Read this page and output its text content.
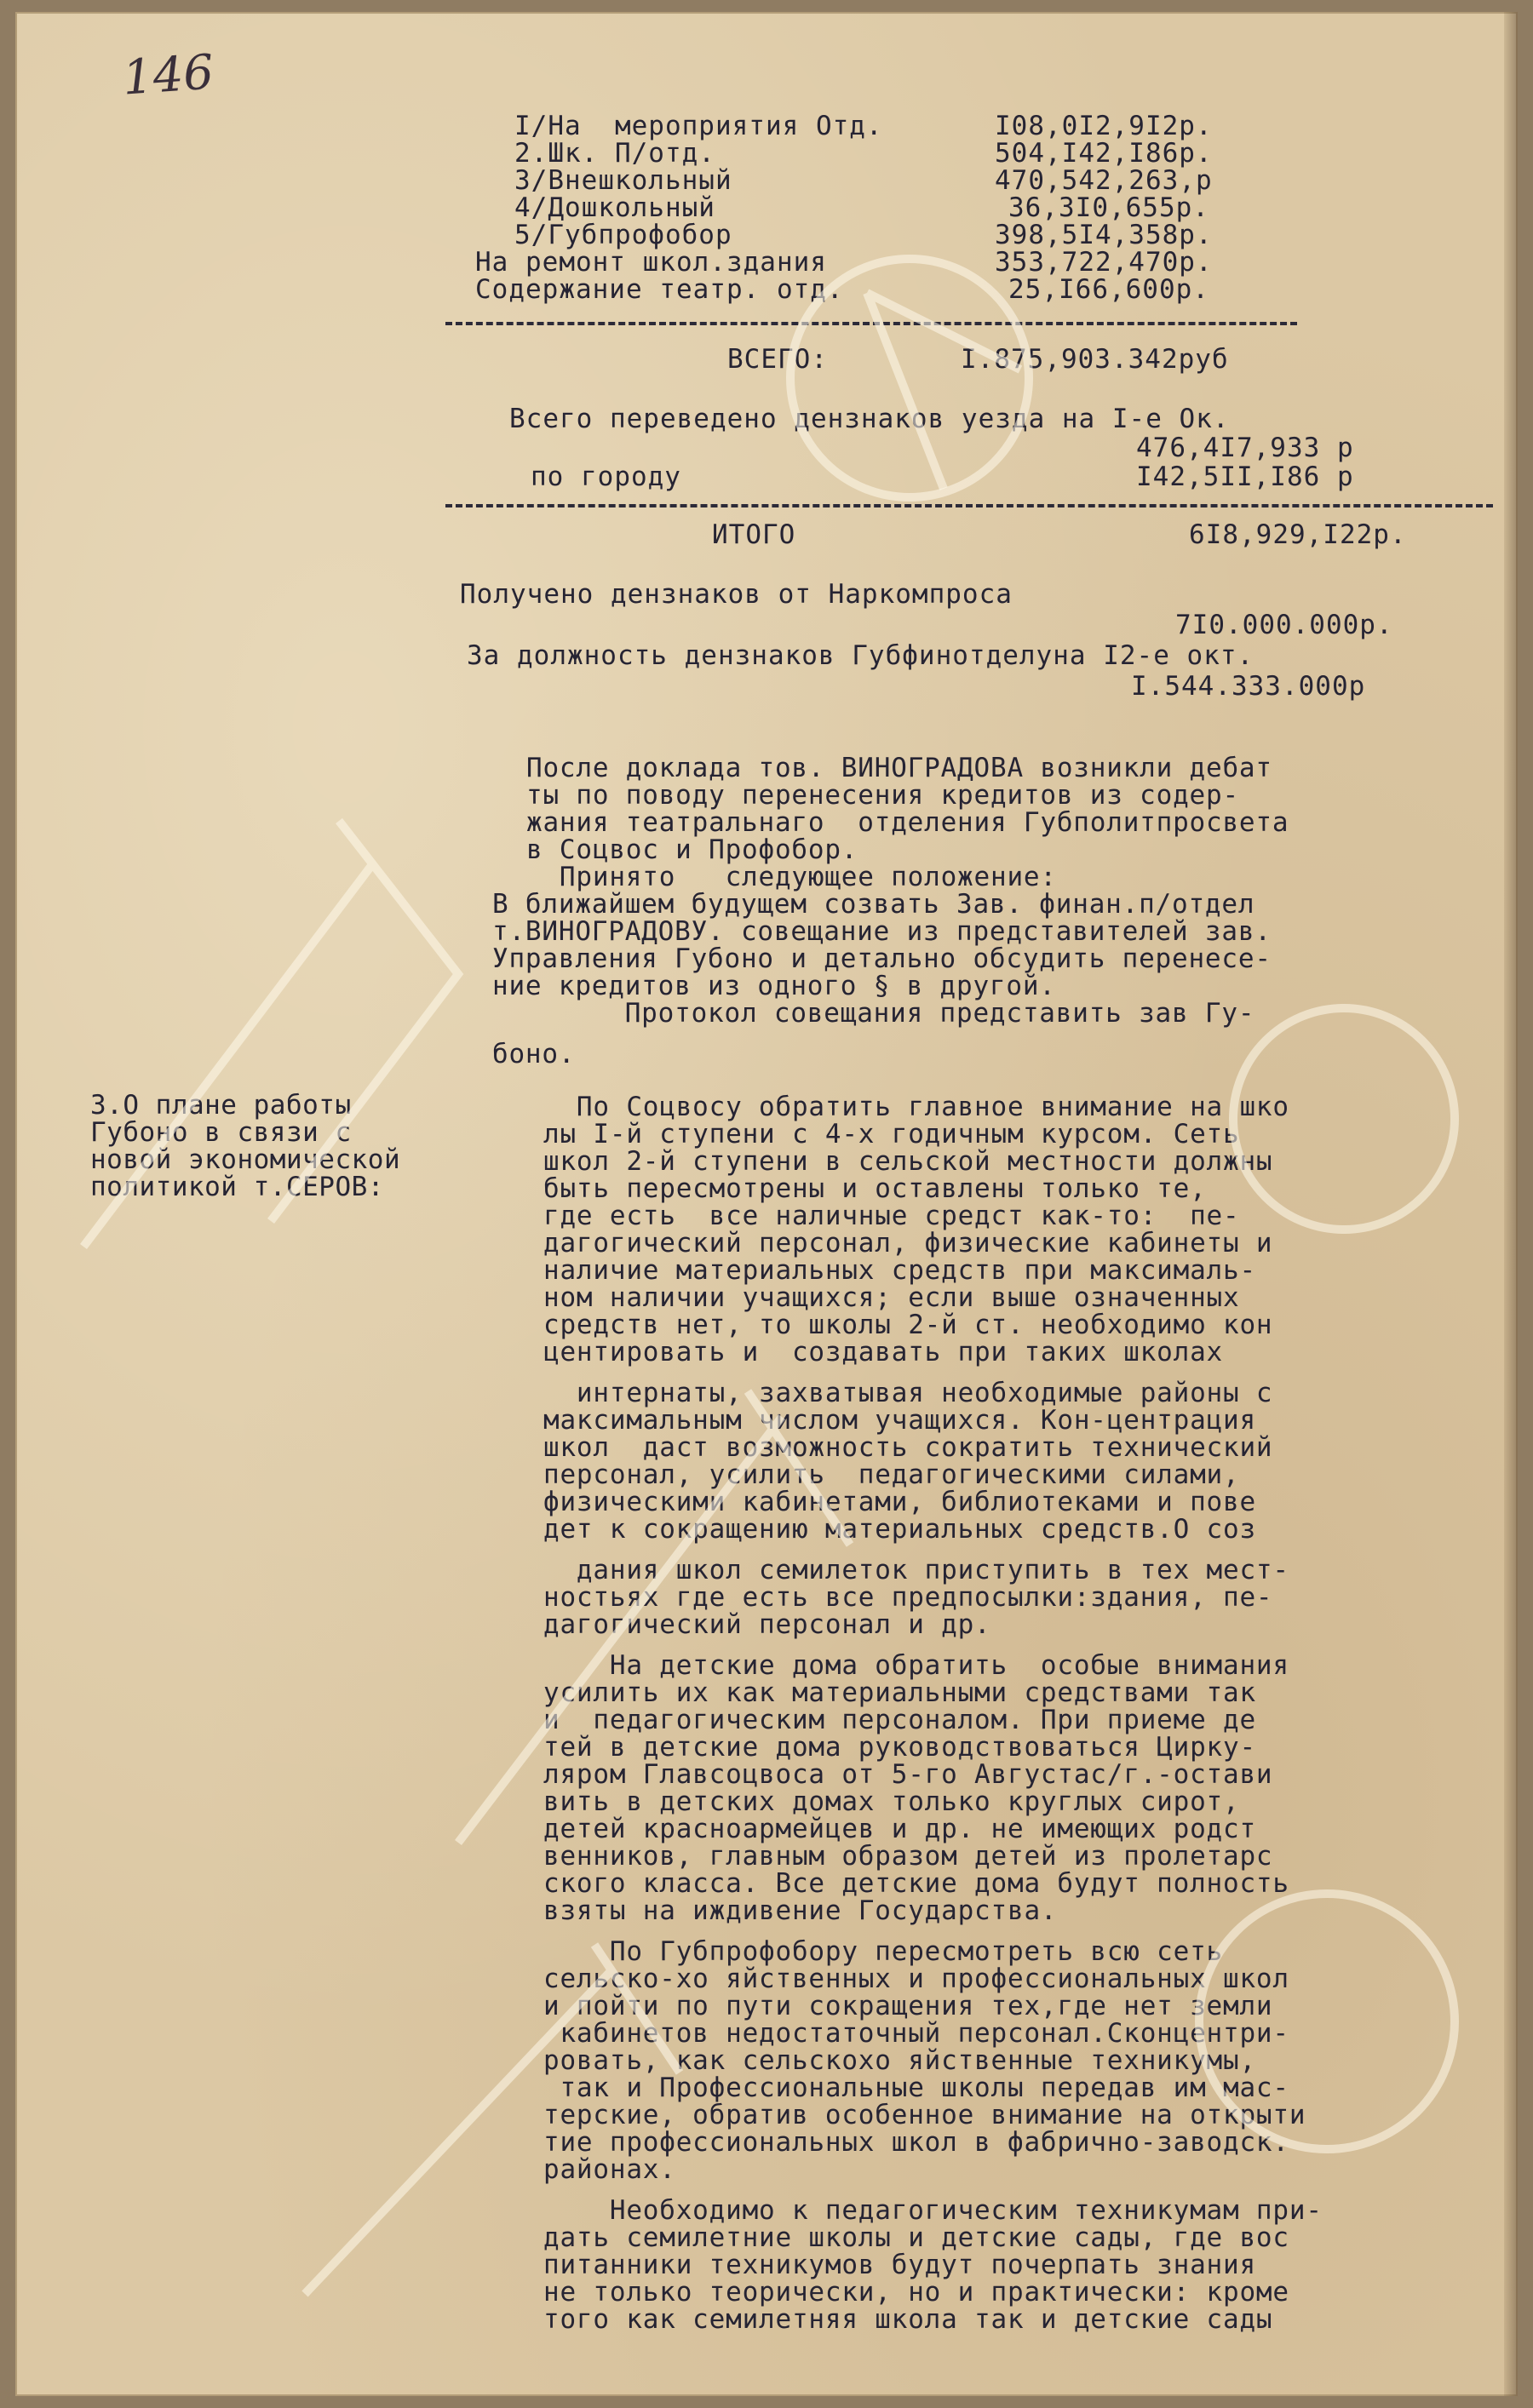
146
I/На  мероприятия Отд.	I08,0I2,9I2р.
2.Шк. П/отд.	504,I42,I86р.
3/Внешкольный	470,542,263,р
4/Дошкольный	36,3I0,655р.
5/Губпрофобор	398,5I4,358р.
На ремонт школ.здания	353,722,470р.
Содержание театр. отд.	25,I66,600р.
ВСЕГО:	I.875,903.342руб
Всего переведено дензнаков уезда на I-е Ок.
476,4I7,933 р
по городу	I42,5II,I86 р
ИТОГО	6I8,929,I22р.
Получено дензнаков от Наркомпроса
7I0.000.000р.
За должность дензнаков Губфинотделуна I2-е окт.
I.544.333.000р
После доклада тов. ВИНОГРАДОВА возникли дебат
ты по поводу перенесения кредитов из содер-
жания театральнаго  отделения Губполитпросвета
в Соцвос и Профобор.
Принято   следующее положение:
В ближайшем будущем созвать Зав. финан.п/отдел
т.ВИНОГРАДОВУ. совещание из представителей зав.
Управления Губоно и детально обсудить перенесе-
ние кредитов из одного § в другой.
Протокол совещания представить зав Гу-
бонo.
3.О плане работы
Губоно в связи с
новой экономической
политикой т.СЕРОВ:
По Соцвосу обратить главное внимание на шко
лы I-й ступени с 4-х годичным курсом. Сеть
школ 2-й ступени в сельской местности должны
быть пересмотрены и оставлены только те,
где есть  все наличные средст как-то:  пе-
дагогический персонал, физические кабинеты и
наличие материальных средств при максималь-
ном наличии учащихся; если выше означенных
средств нет, то школы 2-й ст. необходимо кон
центировать и  создавать при таких школах
интернаты, захватывая необходимые районы с
максимальным числом учащихся. Кон-центрация
школ  даст возможность сократить технический
персонал, усилить  педагогическими силами,
физическими кабинетами, библиотеками и пове
дет к сокращению материальных средств.О соз
дания школ семилеток приступить в тех мест-
ностьях где есть все предпосылки:здания, пе-
дагогический персонал и др.
На детские дома обратить  особые внимания
усилить их как материальными средствами так
и  педагогическим персоналом. При приеме де
тей в детские дома руководствоваться Цирку-
ляром Главсоцвоса от 5-го Августас/г.-остави
вить в детских домах только круглых сирот,
детей красноармейцев и др. не имеющих родст
венников, главным образом детей из пролетарс
ского класса. Все детские дома будут полность
взяты на иждивение Государства.
По Губпрофобору пересмотреть всю сеть
сельско-хо яйственных и профессиональных школ
и пойти по пути сокращения тех,где нет земли
кабинетов недостаточный персонал.Сконцентри-
ровать, как сельскохо яйственные техникумы,
так и Профессиональные школы передав им мас-
терские, обратив особенное внимание на открыти
тие профессиональных школ в фабрично-заводск.
районах.
Необходимо к педагогическим техникумам при-
дать семилетние школы и детские сады, где вос
питанники техникумов будут почерпать знания
не только теорически, но и практически: кроме
того как семилетняя школа так и детские сады
